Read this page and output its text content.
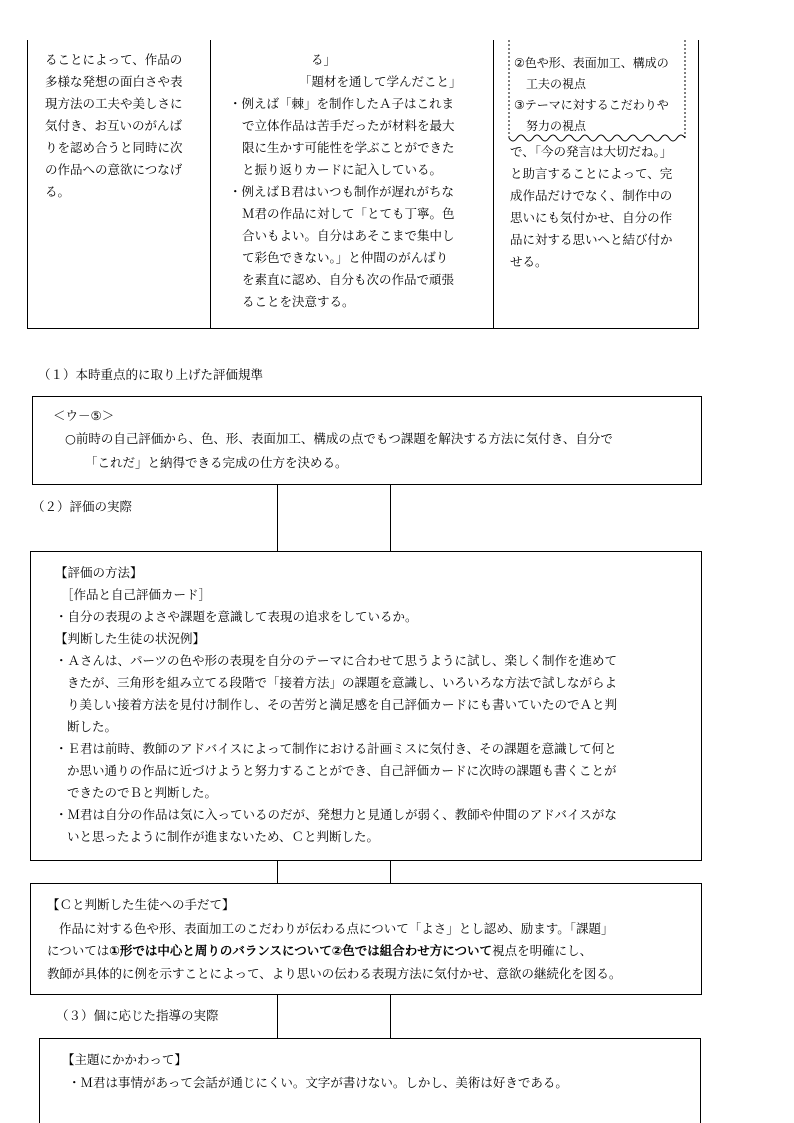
ることによって、作品の

多様な発想の面白さや表

現方法の工夫や美しさに

気付き、お互いのがんば

りを認め合うと同時に次

の作品への意欲につなげ

る。

る」

「題材を通して学んだこと」

・例えば「棘」を制作したＡ子はこれま

で立体作品は苦手だったが材料を最大

限に生かす可能性を学ぶことができた

と振り返りカードに記入している。

・例えばＢ君はいつも制作が遅れがちな

Ｍ君の作品に対して「とても丁寧。色

合いもよい。自分はあそこまで集中し

て彩色できない。」と仲間のがんばり

を素直に認め、自分も次の作品で頑張

ることを決意する。

②色や形、表面加工、構成の

　工夫の視点

③テーマに対するこだわりや

　努力の視点

で、「今の発言は大切だね。」

と助言することによって、完

成作品だけでなく、制作中の

思いにも気付かせ、自分の作

品に対する思いへと結び付か

せる。

（１）本時重点的に取り上げた評価規準

＜ウ－⑤＞

○前時の自己評価から、色、形、表面加工、構成の点でもつ課題を解決する方法に気付き、自分で

「これだ」と納得できる完成の仕方を決める。

（２）評価の実際

【評価の方法】

［作品と自己評価カード］

・自分の表現のよさや課題を意識して表現の追求をしているか。

【判断した生徒の状況例】

・Ａさんは、パーツの色や形の表現を自分のテーマに合わせて思うように試し、楽しく制作を進めて

きたが、三角形を組み立てる段階で「接着方法」の課題を意識し、いろいろな方法で試しながらよ

り美しい接着方法を見付け制作し、その苦労と満足感を自己評価カードにも書いていたのでＡと判

断した。

・Ｅ君は前時、教師のアドバイスによって制作における計画ミスに気付き、その課題を意識して何と

か思い通りの作品に近づけようと努力することができ、自己評価カードに次時の課題も書くことが

できたのでＢと判断した。

・Ｍ君は自分の作品は気に入っているのだが、発想力と見通しが弱く、教師や仲間のアドバイスがな

いと思ったように制作が進まないため、Ｃと判断した。

【Ｃと判断した生徒への手だて】

作品に対する色や形、表面加工のこだわりが伝わる点について「よさ」とし認め、励ます。「課題」

については①形では中心と周りのバランスについて②色では組合わせ方について視点を明確にし、

教師が具体的に例を示すことによって、より思いの伝わる表現方法に気付かせ、意欲の継続化を図る。

（３）個に応じた指導の実際

【主題にかかわって】

・Ｍ君は事情があって会話が通じにくい。文字が書けない。しかし、美術は好きである。
